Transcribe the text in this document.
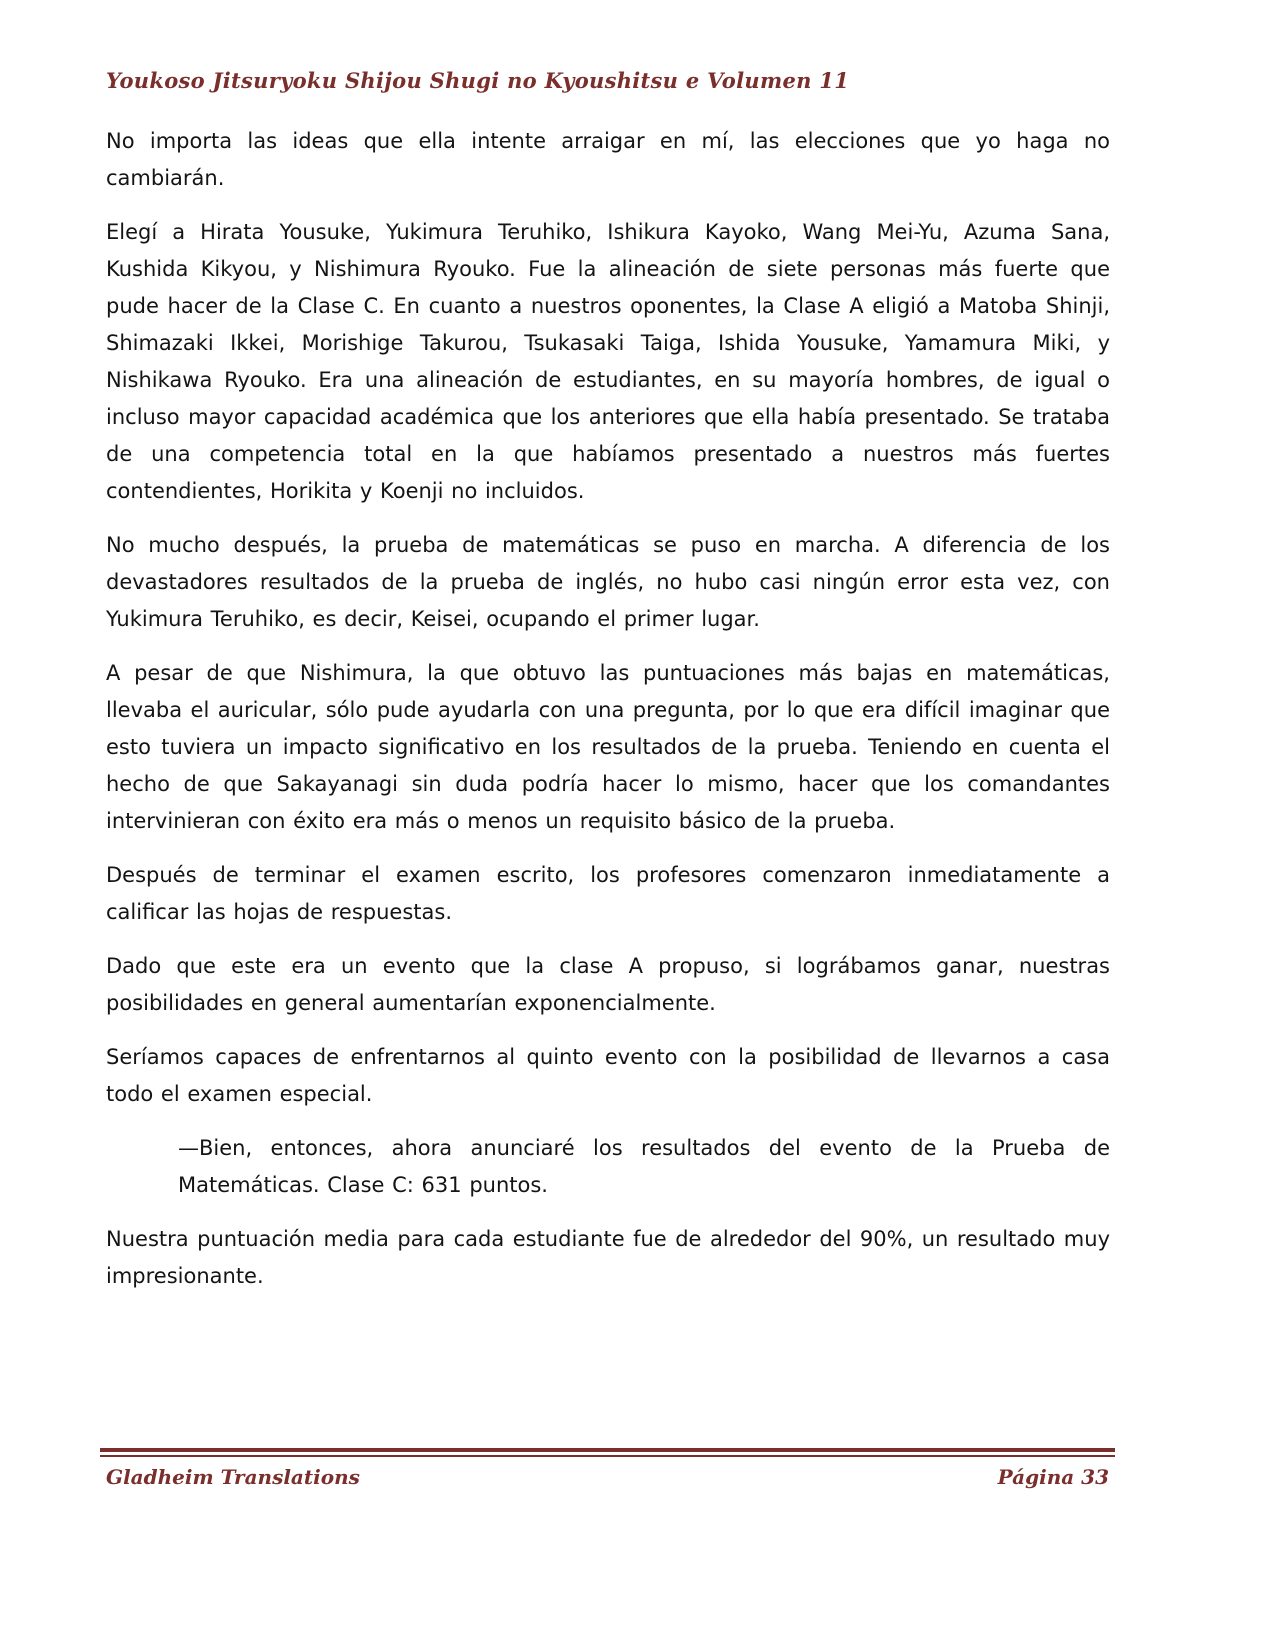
Youkoso Jitsuryoku Shijou Shugi no Kyoushitsu e Volumen 11

No importa las ideas que ella intente arraigar en mí, las elecciones que yo haga no cambiarán.

Elegí a Hirata Yousuke, Yukimura Teruhiko, Ishikura Kayoko, Wang Mei-Yu, Azuma Sana, Kushida Kikyou, y Nishimura Ryouko. Fue la alineación de siete personas más fuerte que pude hacer de la Clase C. En cuanto a nuestros oponentes, la Clase A eligió a Matoba Shinji, Shimazaki Ikkei, Morishige Takurou, Tsukasaki Taiga, Ishida Yousuke, Yamamura Miki, y Nishikawa Ryouko. Era una alineación de estudiantes, en su mayoría hombres, de igual o incluso mayor capacidad académica que los anteriores que ella había presentado. Se trataba de una competencia total en la que habíamos presentado a nuestros más fuertes contendientes, Horikita y Koenji no incluidos.

No mucho después, la prueba de matemáticas se puso en marcha. A diferencia de los devastadores resultados de la prueba de inglés, no hubo casi ningún error esta vez, con Yukimura Teruhiko, es decir, Keisei, ocupando el primer lugar.

A pesar de que Nishimura, la que obtuvo las puntuaciones más bajas en matemáticas, llevaba el auricular, sólo pude ayudarla con una pregunta, por lo que era difícil imaginar que esto tuviera un impacto significativo en los resultados de la prueba. Teniendo en cuenta el hecho de que Sakayanagi sin duda podría hacer lo mismo, hacer que los comandantes intervinieran con éxito era más o menos un requisito básico de la prueba.

Después de terminar el examen escrito, los profesores comenzaron inmediatamente a calificar las hojas de respuestas.

Dado que este era un evento que la clase A propuso, si lográbamos ganar, nuestras posibilidades en general aumentarían exponencialmente.

Seríamos capaces de enfrentarnos al quinto evento con la posibilidad de llevarnos a casa todo el examen especial.

—Bien, entonces, ahora anunciaré los resultados del evento de la Prueba de Matemáticas. Clase C: 631 puntos.

Nuestra puntuación media para cada estudiante fue de alrededor del 90%, un resultado muy impresionante.

Gladheim Translations	Página 33
